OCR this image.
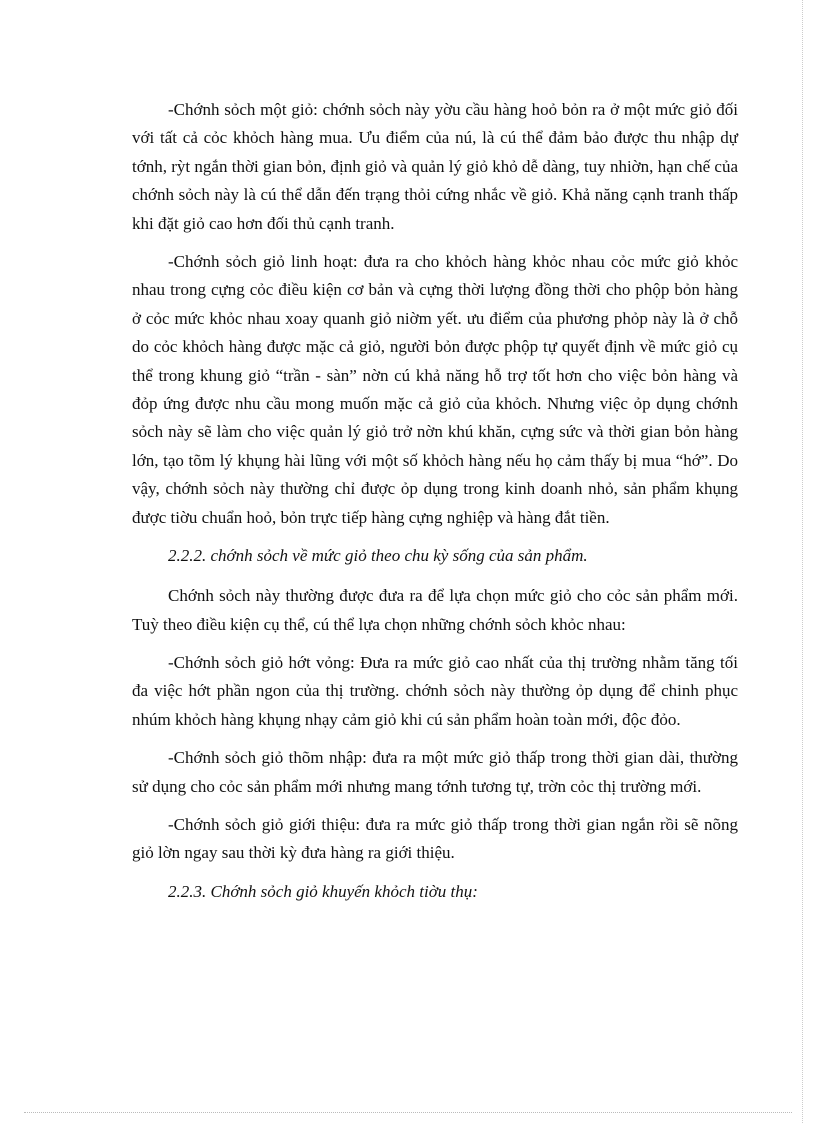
-Chớnh sỏch một giỏ: chớnh sỏch này yờu cầu hàng hoỏ bỏn ra ở một mức giỏ đối với tất cả cỏc khỏch hàng mua. Ưu điểm của nú, là cú thể đảm bảo được thu nhập dự tớnh, rỳt ngắn thời gian bỏn, định giỏ và quản lý giỏ khỏ dễ dàng, tuy nhiờn, hạn chế của chớnh sỏch này là cú thể dẫn đến trạng thỏi cứng nhắc về giỏ. Khả năng cạnh tranh thấp khi đặt giỏ cao hơn đối thủ cạnh tranh.

-Chớnh sỏch giỏ linh hoạt: đưa ra cho khỏch hàng khỏc nhau cỏc mức giỏ khỏc nhau trong cựng cỏc điều kiện cơ bản và cựng thời lượng đồng thời cho phộp bỏn hàng ở cỏc mức khỏc nhau xoay quanh giỏ niờm yết. ưu điểm của phương phỏp này là ở chỗ do cỏc khỏch hàng được mặc cả giỏ, người bỏn được phộp tự quyết định về mức giỏ cụ thể trong khung giỏ “trần - sàn” nờn cú khả năng hỗ trợ tốt hơn cho việc bỏn hàng và đỏp ứng được nhu cầu mong muốn mặc cả giỏ của khỏch. Nhưng việc ỏp dụng chớnh sỏch này sẽ làm cho việc quản lý giỏ trở nờn khú khăn, cựng sức và thời gian bỏn hàng lớn, tạo tõm lý khụng hài lũng với một số khỏch hàng nếu họ cảm thấy bị mua “hớ”. Do vậy, chớnh sỏch này thường chỉ được ỏp dụng trong kinh doanh nhỏ, sản phẩm khụng được tiờu chuẩn hoỏ, bỏn trực tiếp hàng cựng nghiệp và hàng đắt tiền.

2.2.2. chớnh sỏch về mức giỏ theo chu kỳ sống của sản phẩm.

Chớnh sỏch này thường được đưa ra để lựa chọn mức giỏ cho cỏc sản phẩm mới. Tuỳ theo điều kiện cụ thể, cú thể lựa chọn những chớnh sỏch khỏc nhau:

-Chớnh sỏch giỏ hớt vỏng: Đưa ra mức giỏ cao nhất của thị trường nhằm tăng tối đa việc hớt phần ngon của thị trường. chớnh sỏch này thường ỏp dụng để chinh phục nhúm khỏch hàng khụng nhạy cảm giỏ khi cú sản phẩm hoàn toàn mới, độc đỏo.

-Chớnh sỏch giỏ thõm nhập: đưa ra một mức giỏ thấp trong thời gian dài, thường sử dụng cho cỏc sản phẩm mới nhưng mang tớnh tương tự, trờn cỏc thị trường mới.

-Chớnh sỏch giỏ giới thiệu: đưa ra mức giỏ thấp trong thời gian ngắn rồi sẽ nõng giỏ lờn ngay sau thời kỳ đưa hàng ra giới thiệu.

2.2.3. Chớnh sỏch giỏ khuyến khỏch tiờu thụ:
